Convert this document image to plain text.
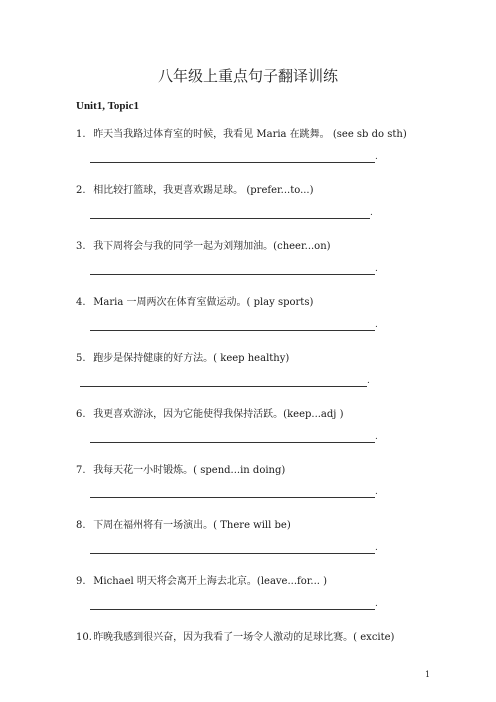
八年级上重点句子翻译训练
Unit1, Topic1
1. 昨天当我路过体育室的时候，我看见 Maria 在跳舞。 (see sb do sth)
.
2. 相比较打篮球，我更喜欢踢足球。 (prefer...to...)
.
3. 我下周将会与我的同学一起为刘翔加油。(cheer...on)
.
4. Maria 一周两次在体育室做运动。( play sports)
.
5. 跑步是保持健康的好方法。( keep healthy)
.
6. 我更喜欢游泳，因为它能使得我保持活跃。(keep...adj )
.
7. 我每天花一小时锻炼。( spend...in doing)
.
8. 下周在福州将有一场演出。( There will be)
.
9. Michael 明天将会离开上海去北京。(leave...for... )
.
10. 昨晚我感到很兴奋，因为我看了一场令人激动的足球比赛。( excite)
1
